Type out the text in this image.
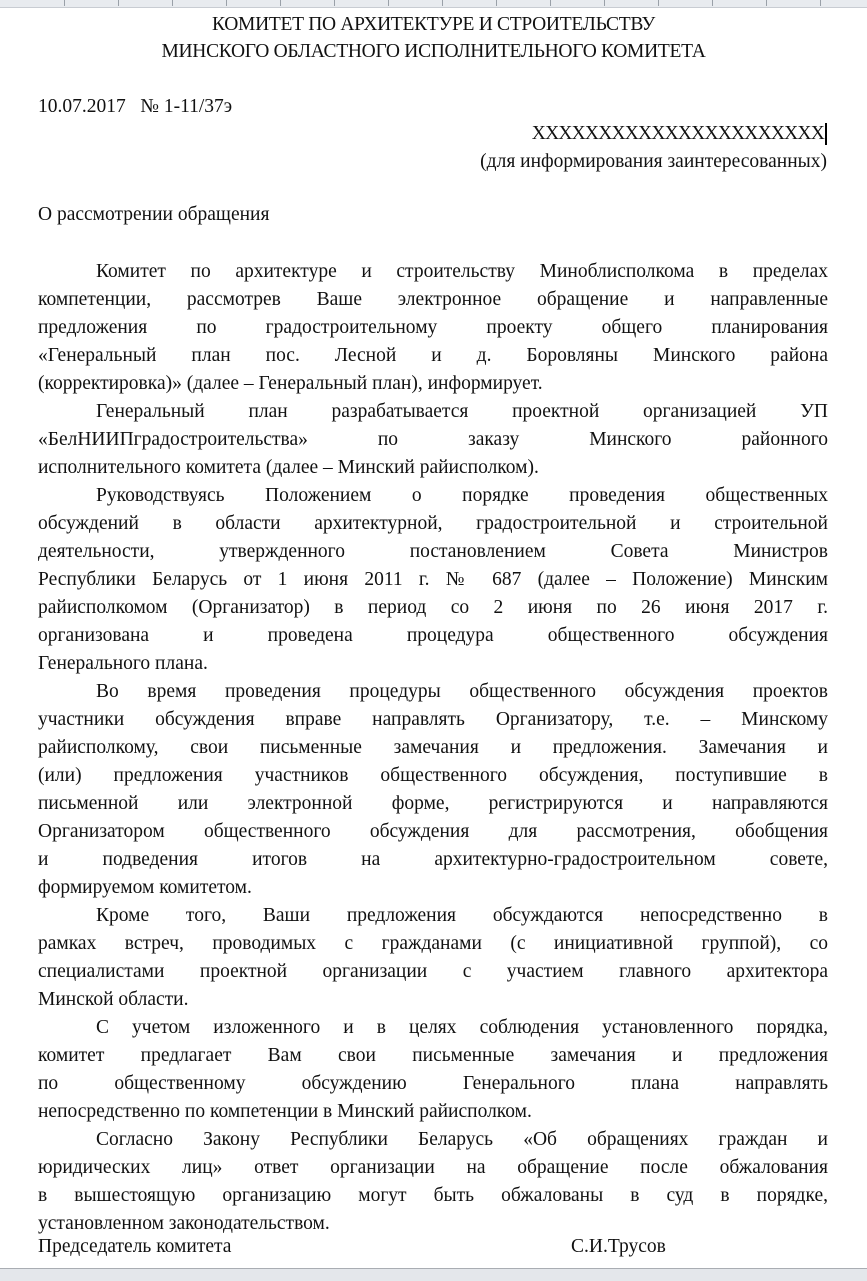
КОМИТЕТ ПО АРХИТЕКТУРЕ И СТРОИТЕЛЬСТВУ
МИНСКОГО ОБЛАСТНОГО ИСПОЛНИТЕЛЬНОГО КОМИТЕТА
10.07.2017   № 1-11/37э
XXXXXXXXXXXXXXXXXXXXXX
(для информирования заинтересованных)
О рассмотрении обращения
Комитет по архитектуре и строительству Миноблисполкома в пределах
компетенции, рассмотрев Ваше электронное обращение и направленные
предложения по градостроительному проекту общего планирования
«Генеральный план пос. Лесной и д. Боровляны Минского района
(корректировка)» (далее – Генеральный план), информирует.
Генеральный план разрабатывается проектной организацией УП
«БелНИИПградостроительства» по заказу Минского районного
исполнительного комитета (далее – Минский райисполком).
Руководствуясь Положением о порядке проведения общественных
обсуждений в области архитектурной, градостроительной и строительной
деятельности, утвержденного постановлением Совета Министров
Республики Беларусь от 1 июня 2011 г. № 687 (далее – Положение) Минским
райисполкомом (Организатор) в период со 2 июня по 26 июня 2017 г.
организована и проведена процедура общественного обсуждения
Генерального плана.
Во время проведения процедуры общественного обсуждения проектов
участники обсуждения вправе направлять Организатору, т.е. – Минскому
райисполкому, свои письменные замечания и предложения. Замечания и
(или) предложения участников общественного обсуждения, поступившие в
письменной или электронной форме, регистрируются и направляются
Организатором общественного обсуждения для рассмотрения, обобщения
и подведения итогов на архитектурно-градостроительном совете,
формируемом комитетом.
Кроме того, Ваши предложения обсуждаются непосредственно в
рамках встреч, проводимых с гражданами (с инициативной группой), со
специалистами проектной организации с участием главного архитектора
Минской области.
С учетом изложенного и в целях соблюдения установленного порядка,
комитет предлагает Вам свои письменные замечания и предложения
по общественному обсуждению Генерального плана направлять
непосредственно по компетенции в Минский райисполком.
Согласно Закону Республики Беларусь «Об обращениях граждан и
юридических лиц» ответ организации на обращение после обжалования
в вышестоящую организацию могут быть обжалованы в суд в порядке,
установленном законодательством.
Председатель комитета	С.И.Трусов
